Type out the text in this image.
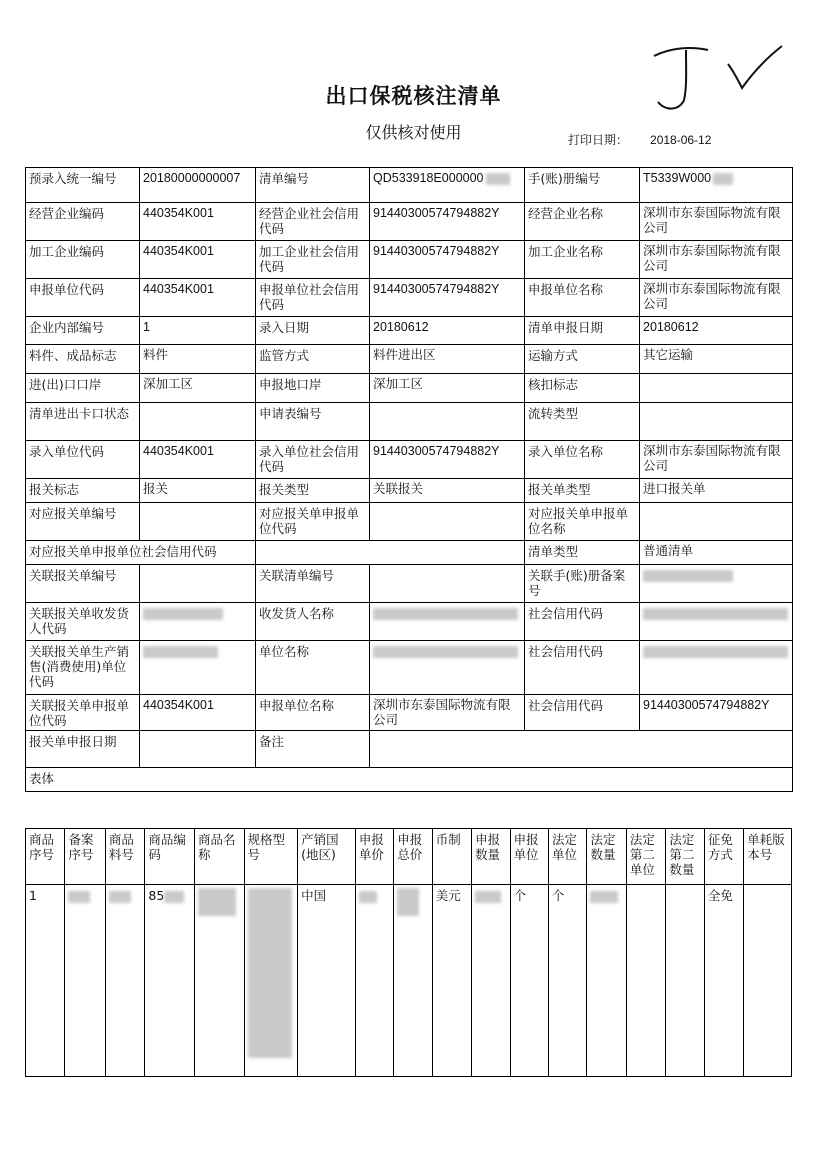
出口保税核注清单
仅供核对使用	打印日期： 2018-06-12
预录入统一编号	20180000000007	清单编号	QD533918E000000	手(账)册编号	T5339W000
经营企业编码	440354K001	经营企业社会信用代码	91440300574794882Y	经营企业名称	深圳市东泰国际物流有限公司
加工企业编码	440354K001	加工企业社会信用代码	91440300574794882Y	加工企业名称	深圳市东泰国际物流有限公司
申报单位代码	440354K001	申报单位社会信用代码	91440300574794882Y	申报单位名称	深圳市东泰国际物流有限公司
企业内部编号	1	录入日期	20180612	清单申报日期	20180612
料件、成品标志	料件	监管方式	料件进出区	运输方式	其它运输
进(出)口口岸	深加工区	申报地口岸	深加工区	核扣标志	
清单进出卡口状态		申请表编号		流转类型	
录入单位代码	440354K001	录入单位社会信用代码	91440300574794882Y	录入单位名称	深圳市东泰国际物流有限公司
报关标志	报关	报关类型	关联报关	报关单类型	进口报关单
对应报关单编号		对应报关单申报单位代码		对应报关单申报单位名称	
对应报关单申报单位社会信用代码				清单类型	普通清单
关联报关单编号		关联清单编号		关联手(账)册备案号	
关联报关单收发货人代码		收发货人名称		社会信用代码	
关联报关单生产销售(消费使用)单位代码		单位名称		社会信用代码	
关联报关单申报单位代码	440354K001	申报单位名称	深圳市东泰国际物流有限公司	社会信用代码	91440300574794882Y
报关单申报日期		备注			
表体					
商品序号	备案序号	商品料号	商品编码	商品名称	规格型号	产销国(地区)	申报单价	申报总价	币制	申报数量	申报单位	法定单位	法定数量	法定第二单位	法定第二数量	征免方式	单耗版本号
1			85			中国			美元		个	个				全免	
